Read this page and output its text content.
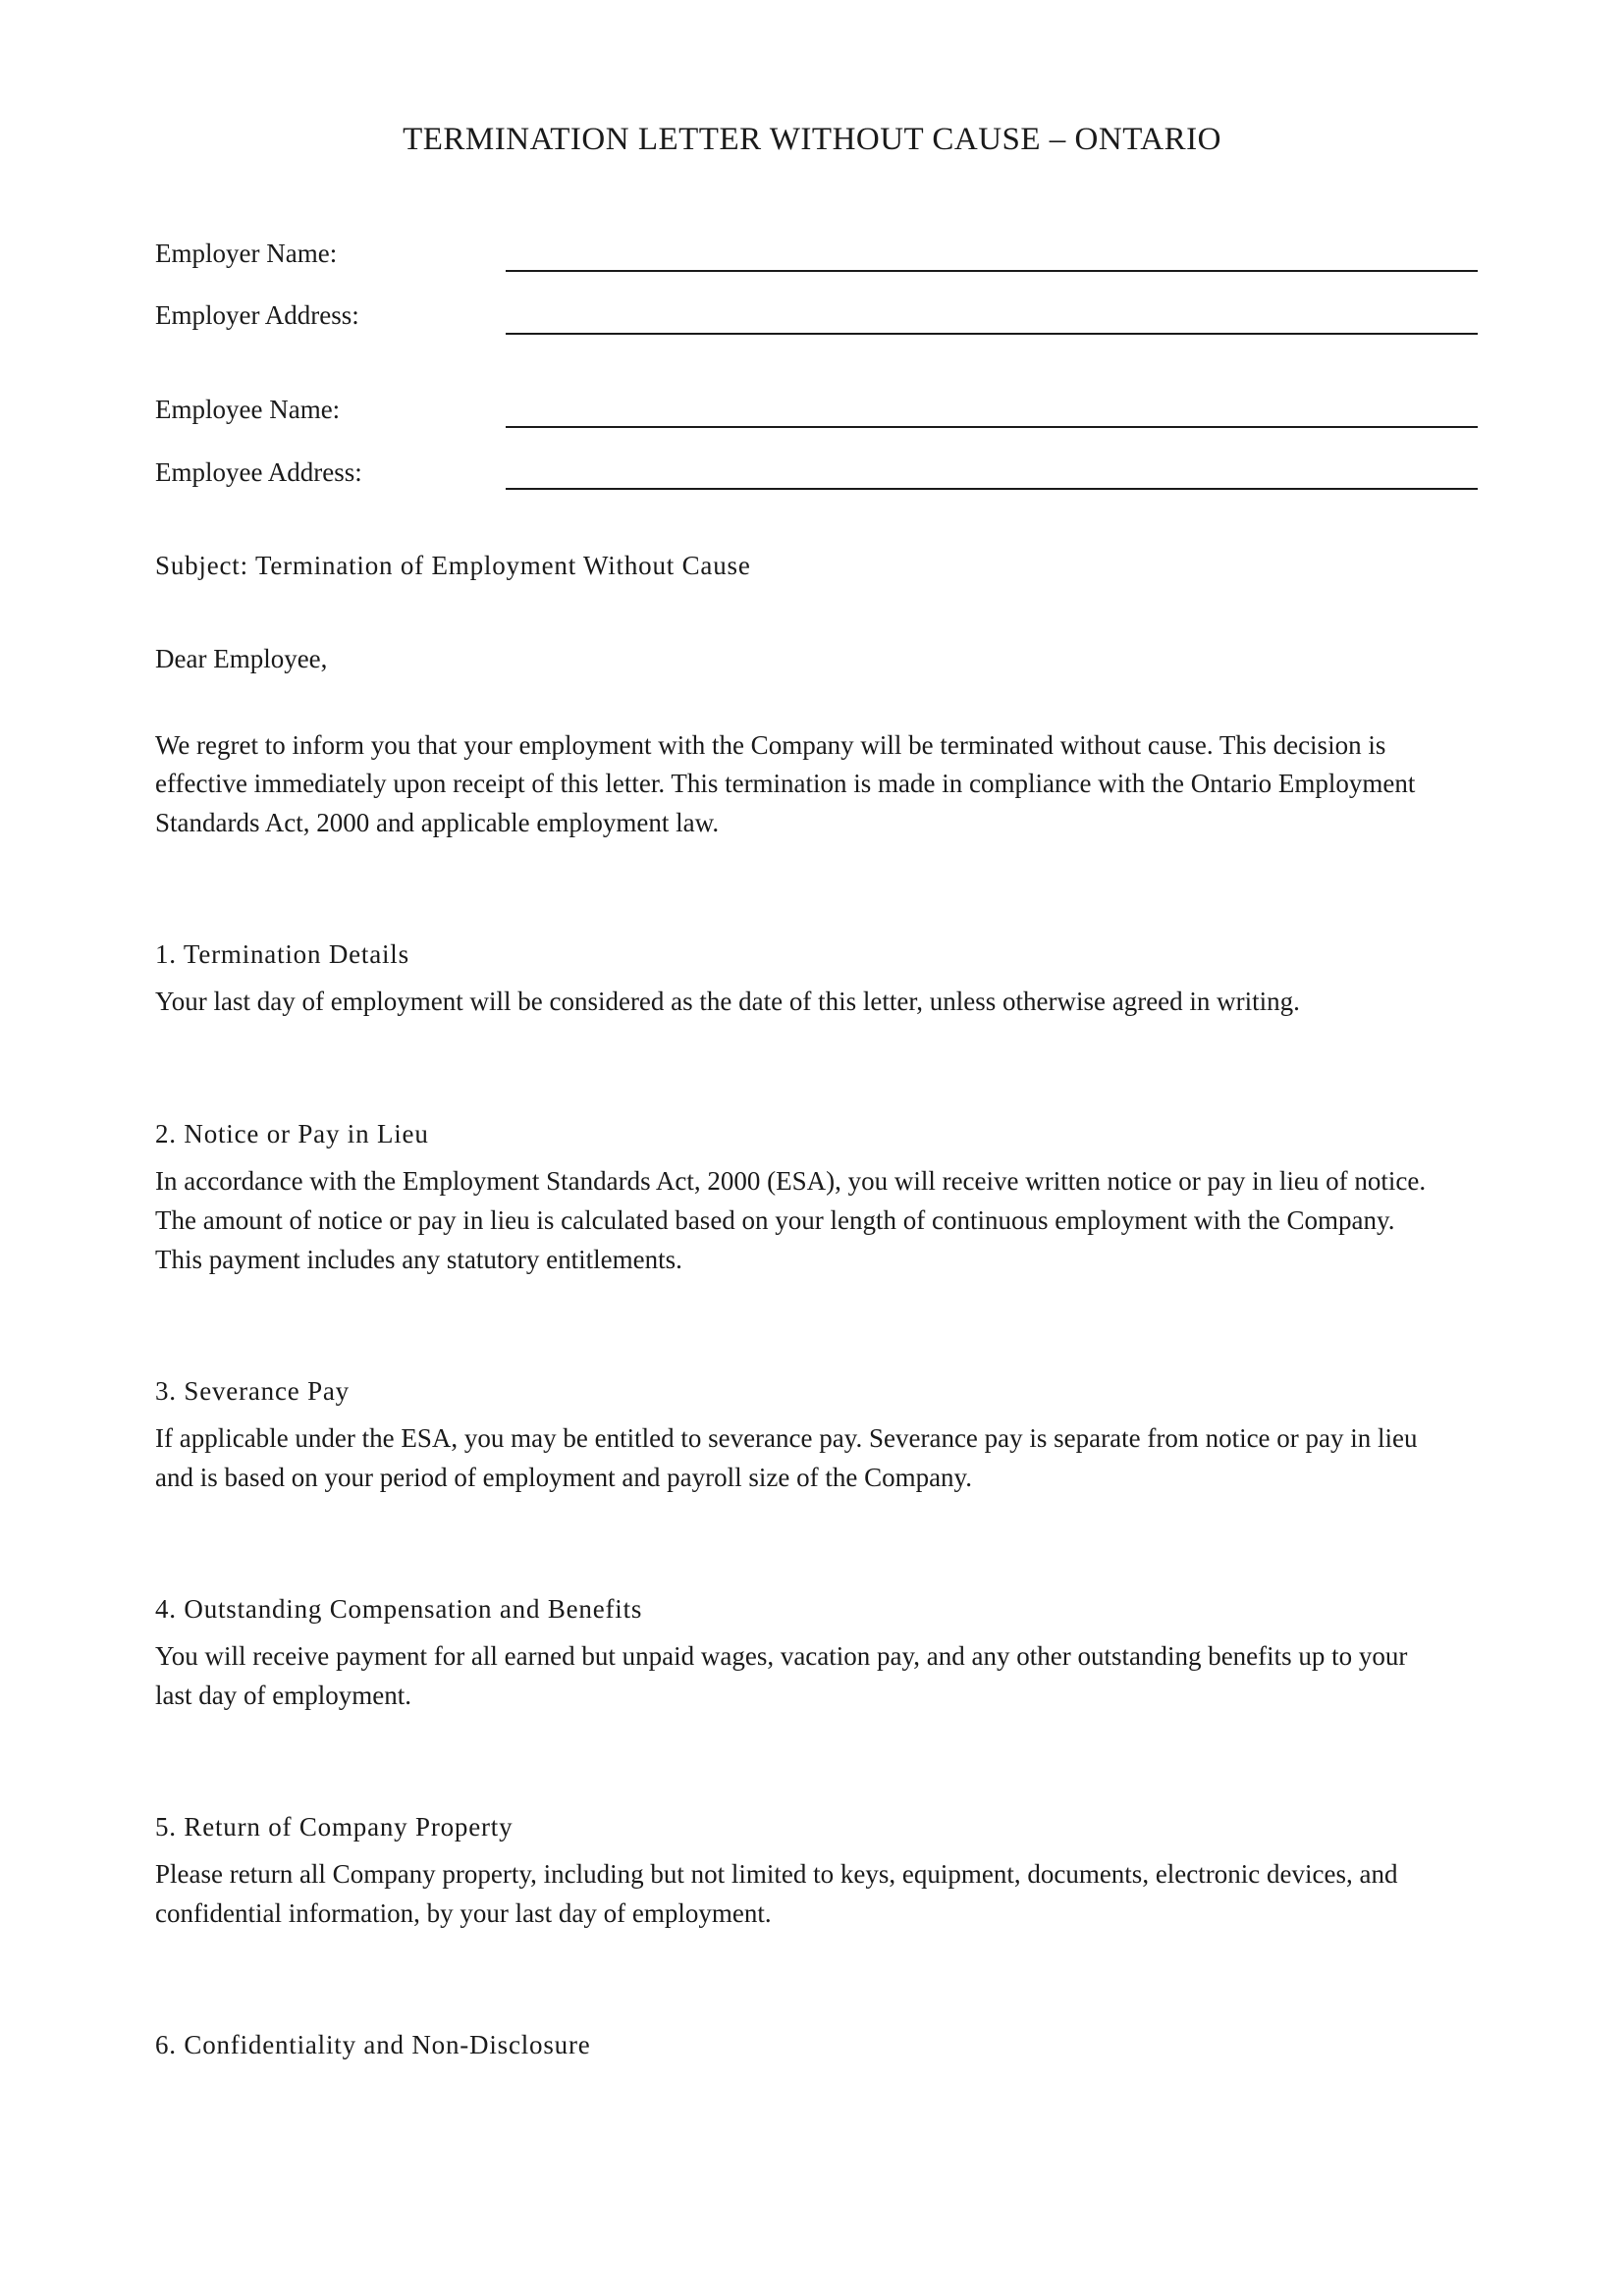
TERMINATION LETTER WITHOUT CAUSE – ONTARIO
Employer Name:
Employer Address:
Employee Name:
Employee Address:
Subject: Termination of Employment Without Cause
Dear Employee,
We regret to inform you that your employment with the Company will be terminated without cause. This decision is
effective immediately upon receipt of this letter. This termination is made in compliance with the Ontario Employment
Standards Act, 2000 and applicable employment law.
1. Termination Details
Your last day of employment will be considered as the date of this letter, unless otherwise agreed in writing.
2. Notice or Pay in Lieu
In accordance with the Employment Standards Act, 2000 (ESA), you will receive written notice or pay in lieu of notice.
The amount of notice or pay in lieu is calculated based on your length of continuous employment with the Company.
This payment includes any statutory entitlements.
3. Severance Pay
If applicable under the ESA, you may be entitled to severance pay. Severance pay is separate from notice or pay in lieu
and is based on your period of employment and payroll size of the Company.
4. Outstanding Compensation and Benefits
You will receive payment for all earned but unpaid wages, vacation pay, and any other outstanding benefits up to your
last day of employment.
5. Return of Company Property
Please return all Company property, including but not limited to keys, equipment, documents, electronic devices, and
confidential information, by your last day of employment.
6. Confidentiality and Non-Disclosure
